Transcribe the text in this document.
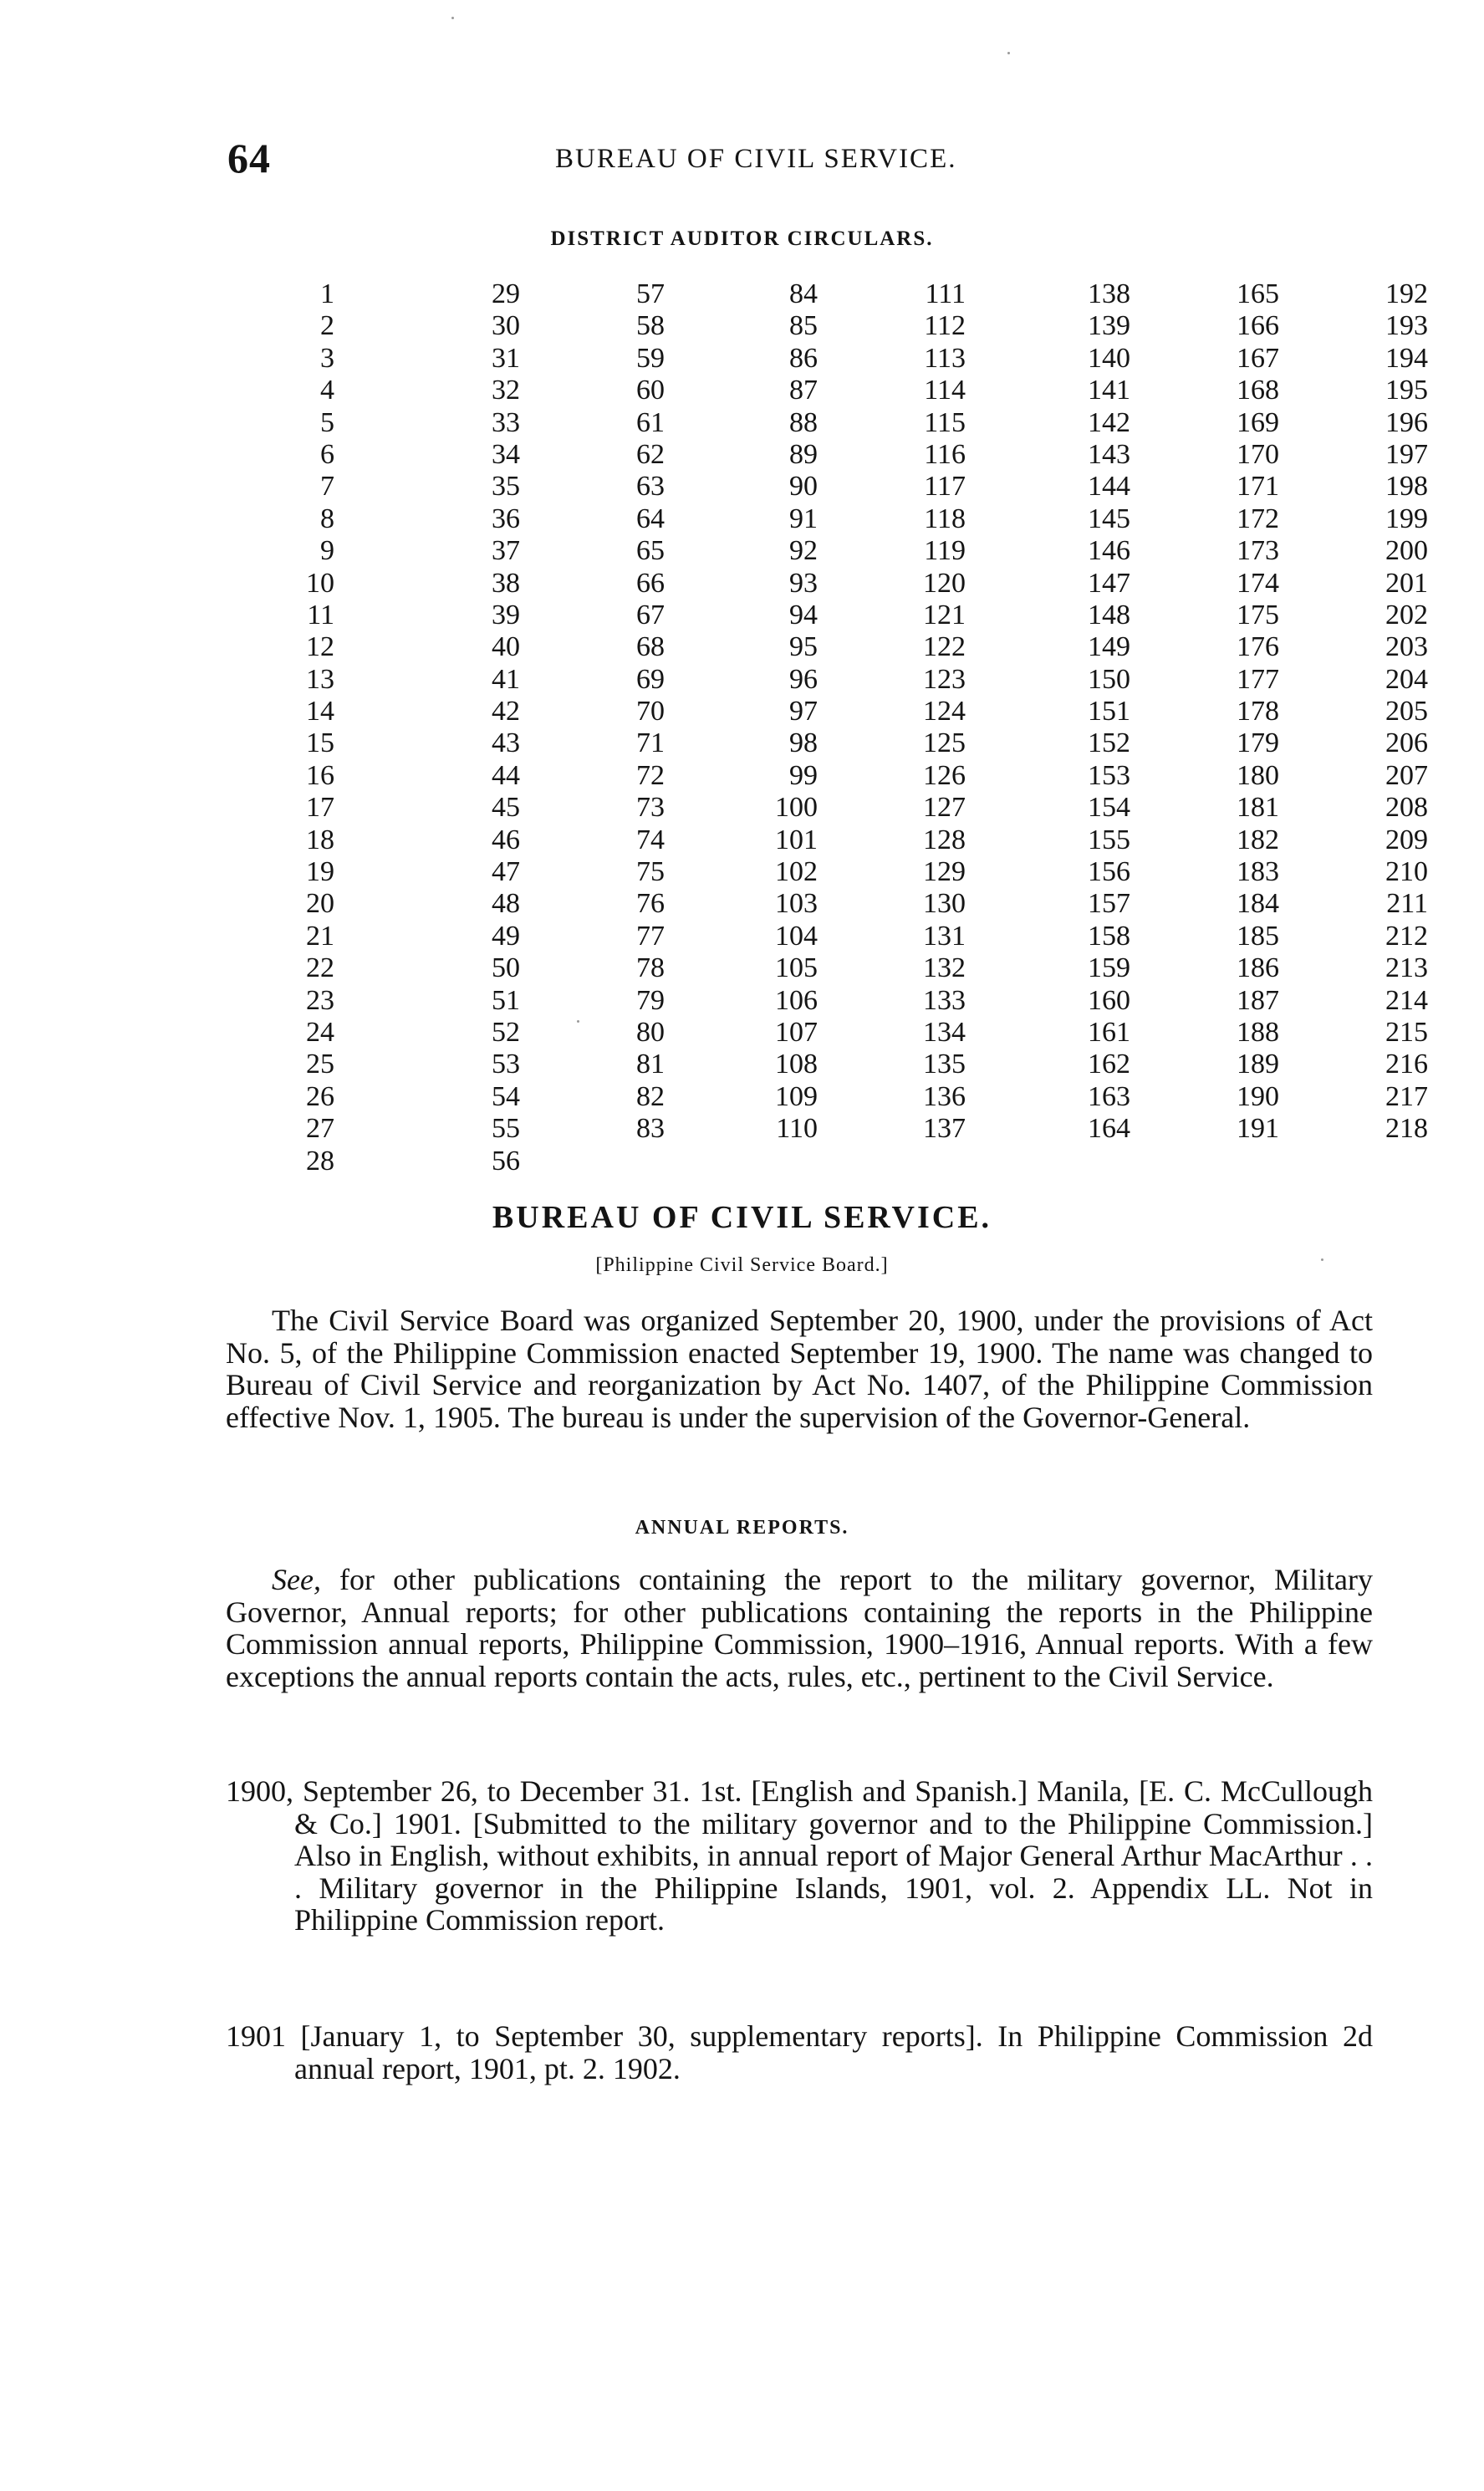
64	BUREAU OF CIVIL SERVICE.
DISTRICT AUDITOR CIRCULARS.
1
2
3
4
5
6
7
8
9
10
11
12
13
14
15
16
17
18
19
20
21
22
23
24
25
26
27
28
29
30
31
32
33
34
35
36
37
38
39
40
41
42
43
44
45
46
47
48
49
50
51
52
53
54
55
56
57
58
59
60
61
62
63
64
65
66
67
68
69
70
71
72
73
74
75
76
77
78
79
80
81
82
83
84
85
86
87
88
89
90
91
92
93
94
95
96
97
98
99
100
101
102
103
104
105
106
107
108
109
110
111
112
113
114
115
116
117
118
119
120
121
122
123
124
125
126
127
128
129
130
131
132
133
134
135
136
137
138
139
140
141
142
143
144
145
146
147
148
149
150
151
152
153
154
155
156
157
158
159
160
161
162
163
164
165
166
167
168
169
170
171
172
173
174
175
176
177
178
179
180
181
182
183
184
185
186
187
188
189
190
191
192
193
194
195
196
197
198
199
200
201
202
203
204
205
206
207
208
209
210
211
212
213
214
215
216
217
218
BUREAU OF CIVIL SERVICE.
[Philippine Civil Service Board.]

The Civil Service Board was organized September 20, 1900, under the provisions of Act No. 5, of the Philippine Commission enacted September 19, 1900. The name was changed to Bureau of Civil Service and reorganization by Act No. 1407, of the Philippine Commission effective Nov. 1, 1905. The bureau is under the supervision of the Governor-General.

ANNUAL REPORTS.

See, for other publications containing the report to the military governor, Military Governor, Annual reports; for other publications containing the reports in the Philippine Commission annual reports, Philippine Commission, 1900–1916, Annual reports. With a few exceptions the annual reports contain the acts, rules, etc., pertinent to the Civil Service.

1900, September 26, to December 31. 1st. [English and Spanish.] Manila, [E. C. McCullough & Co.] 1901. [Submitted to the military governor and to the Philippine Commission.] Also in English, without exhibits, in annual report of Major General Arthur MacArthur . . . Military governor in the Philippine Islands, 1901, vol. 2. Appendix LL. Not in Philippine Commission report.

1901 [January 1, to September 30, supplementary reports]. In Philippine Commission 2d annual report, 1901, pt. 2. 1902.
